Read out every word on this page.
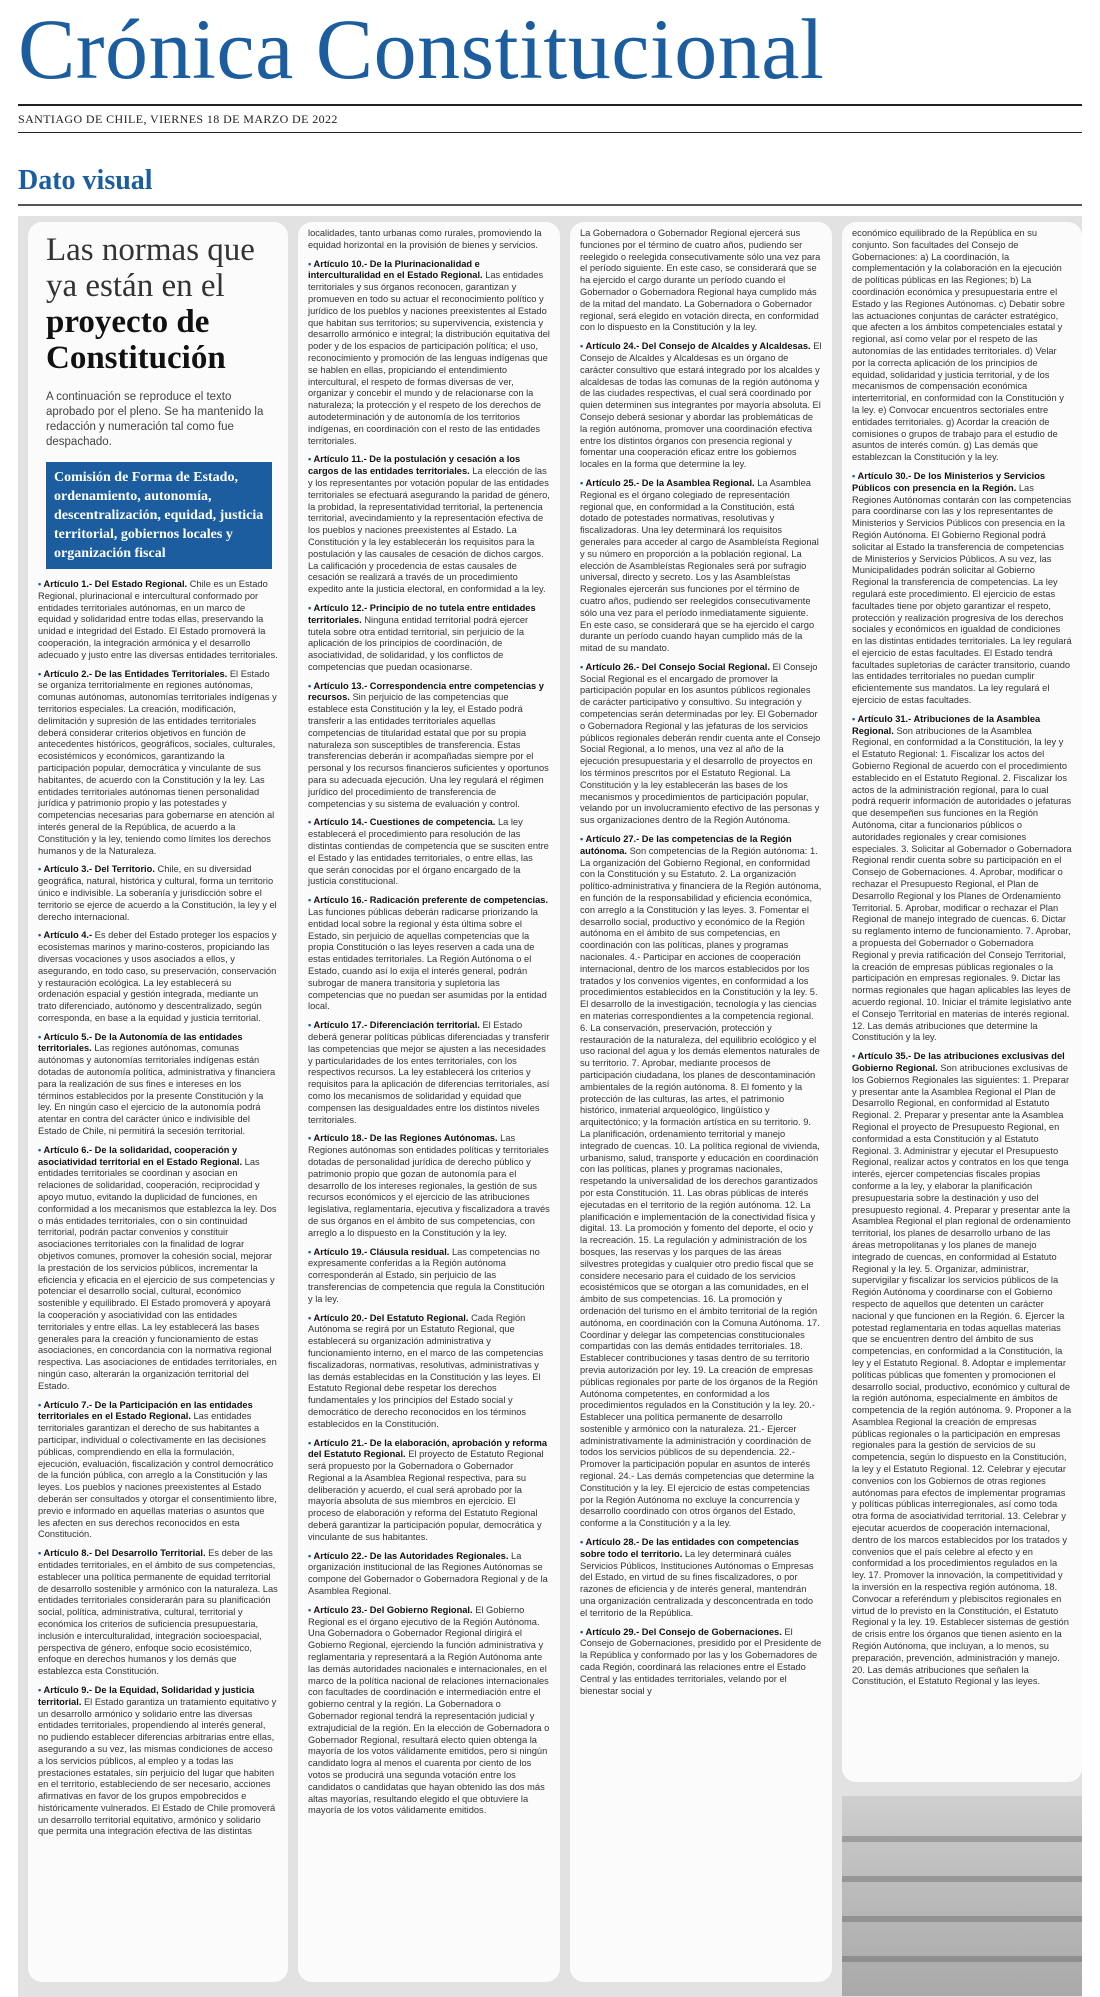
Crónica Constitucional
SANTIAGO DE CHILE, VIERNES 18 DE MARZO DE 2022
Dato visual
Las normas que ya están en el proyecto de Constitución

A continuación se reproduce el texto aprobado por el pleno. Se ha mantenido la redacción y numeración tal como fue despachado.

Comisión de Forma de Estado, ordenamiento, autonomía, descentralización, equidad, justicia territorial, gobiernos locales y organización fiscal

• Artículo 1.- Del Estado Regional. Chile es un Estado Regional, plurinacional e intercultural conformado por entidades territoriales autónomas, en un marco de equidad y solidaridad entre todas ellas, preservando la unidad e integridad del Estado. El Estado promoverá la cooperación, la integración armónica y el desarrollo adecuado y justo entre las diversas entidades territoriales.

• Artículo 2.- De las Entidades Territoriales. El Estado se organiza territorialmente en regiones autónomas, comunas autónomas, autonomías territoriales indígenas y territorios especiales. La creación, modificación, delimitación y supresión de las entidades territoriales deberá considerar criterios objetivos en función de antecedentes históricos, geográficos, sociales, culturales, ecosistémicos y económicos, garantizando la participación popular, democrática y vinculante de sus habitantes, de acuerdo con la Constitución y la ley. Las entidades territoriales autónomas tienen personalidad jurídica y patrimonio propio y las potestades y competencias necesarias para gobernarse en atención al interés general de la República, de acuerdo a la Constitución y la ley, teniendo como límites los derechos humanos y de la Naturaleza.

• Artículo 3.- Del Territorio. Chile, en su diversidad geográfica, natural, histórica y cultural, forma un territorio único e indivisible. La soberanía y jurisdicción sobre el territorio se ejerce de acuerdo a la Constitución, la ley y el derecho internacional.

• Artículo 4.- Es deber del Estado proteger los espacios y ecosistemas marinos y marino-costeros, propiciando las diversas vocaciones y usos asociados a ellos, y asegurando, en todo caso, su preservación, conservación y restauración ecológica. La ley establecerá su ordenación espacial y gestión integrada, mediante un trato diferenciado, autónomo y descentralizado, según corresponda, en base a la equidad y justicia territorial.

• Artículo 5.- De la Autonomía de las entidades territoriales. Las regiones autónomas, comunas autónomas y autonomías territoriales indígenas están dotadas de autonomía política, administrativa y financiera para la realización de sus fines e intereses en los términos establecidos por la presente Constitución y la ley. En ningún caso el ejercicio de la autonomía podrá atentar en contra del carácter único e indivisible del Estado de Chile, ni permitirá la secesión territorial.

• Artículo 6.- De la solidaridad, cooperación y asociatividad territorial en el Estado Regional. Las entidades territoriales se coordinan y asocian en relaciones de solidaridad, cooperación, reciprocidad y apoyo mutuo, evitando la duplicidad de funciones, en conformidad a los mecanismos que establezca la ley. Dos o más entidades territoriales, con o sin continuidad territorial, podrán pactar convenios y constituir asociaciones territoriales con la finalidad de lograr objetivos comunes, promover la cohesión social, mejorar la prestación de los servicios públicos, incrementar la eficiencia y eficacia en el ejercicio de sus competencias y potenciar el desarrollo social, cultural, económico sostenible y equilibrado. El Estado promoverá y apoyará la cooperación y asociatividad con las entidades territoriales y entre ellas. La ley establecerá las bases generales para la creación y funcionamiento de estas asociaciones, en concordancia con la normativa regional respectiva. Las asociaciones de entidades territoriales, en ningún caso, alterarán la organización territorial del Estado.

• Artículo 7.- De la Participación en las entidades territoriales en el Estado Regional. Las entidades territoriales garantizan el derecho de sus habitantes a participar, individual o colectivamente en las decisiones públicas, comprendiendo en ella la formulación, ejecución, evaluación, fiscalización y control democrático de la función pública, con arreglo a la Constitución y las leyes. Los pueblos y naciones preexistentes al Estado deberán ser consultados y otorgar el consentimiento libre, previo e informado en aquellas materias o asuntos que les afecten en sus derechos reconocidos en esta Constitución.

• Artículo 8.- Del Desarrollo Territorial. Es deber de las entidades territoriales, en el ámbito de sus competencias, establecer una política permanente de equidad territorial de desarrollo sostenible y armónico con la naturaleza. Las entidades territoriales considerarán para su planificación social, política, administrativa, cultural, territorial y económica los criterios de suficiencia presupuestaria, inclusión e interculturalidad, integración socioespacial, perspectiva de género, enfoque socio ecosistémico, enfoque en derechos humanos y los demás que establezca esta Constitución.

• Artículo 9.- De la Equidad, Solidaridad y justicia territorial. El Estado garantiza un tratamiento equitativo y un desarrollo armónico y solidario entre las diversas entidades territoriales, propendiendo al interés general, no pudiendo establecer diferencias arbitrarias entre ellas, asegurando a su vez, las mismas condiciones de acceso a los servicios públicos, al empleo y a todas las prestaciones estatales, sin perjuicio del lugar que habiten en el territorio, estableciendo de ser necesario, acciones afirmativas en favor de los grupos empobrecidos e históricamente vulnerados. El Estado de Chile promoverá un desarrollo territorial equitativo, armónico y solidario que permita una integración efectiva de las distintas

localidades, tanto urbanas como rurales, promoviendo la equidad horizontal en la provisión de bienes y servicios.

• Artículo 10.- De la Plurinacionalidad e interculturalidad en el Estado Regional. Las entidades territoriales y sus órganos reconocen, garantizan y promueven en todo su actuar el reconocimiento político y jurídico de los pueblos y naciones preexistentes al Estado que habitan sus territorios; su supervivencia, existencia y desarrollo armónico e integral; la distribución equitativa del poder y de los espacios de participación política; el uso, reconocimiento y promoción de las lenguas indígenas que se hablen en ellas, propiciando el entendimiento intercultural, el respeto de formas diversas de ver, organizar y concebir el mundo y de relacionarse con la naturaleza; la protección y el respeto de los derechos de autodeterminación y de autonomía de los territorios indígenas, en coordinación con el resto de las entidades territoriales.

• Artículo 11.- De la postulación y cesación a los cargos de las entidades territoriales. La elección de las y los representantes por votación popular de las entidades territoriales se efectuará asegurando la paridad de género, la probidad, la representatividad territorial, la pertenencia territorial, avecindamiento y la representación efectiva de los pueblos y naciones preexistentes al Estado. La Constitución y la ley establecerán los requisitos para la postulación y las causales de cesación de dichos cargos. La calificación y procedencia de estas causales de cesación se realizará a través de un procedimiento expedito ante la justicia electoral, en conformidad a la ley.

• Artículo 12.- Principio de no tutela entre entidades territoriales. Ninguna entidad territorial podrá ejercer tutela sobre otra entidad territorial, sin perjuicio de la aplicación de los principios de coordinación, de asociatividad, de solidaridad, y los conflictos de competencias que puedan ocasionarse.

• Artículo 13.- Correspondencia entre competencias y recursos. Sin perjuicio de las competencias que establece esta Constitución y la ley, el Estado podrá transferir a las entidades territoriales aquellas competencias de titularidad estatal que por su propia naturaleza son susceptibles de transferencia. Estas transferencias deberán ir acompañadas siempre por el personal y los recursos financieros suficientes y oportunos para su adecuada ejecución. Una ley regulará el régimen jurídico del procedimiento de transferencia de competencias y su sistema de evaluación y control.

• Artículo 14.- Cuestiones de competencia. La ley establecerá el procedimiento para resolución de las distintas contiendas de competencia que se susciten entre el Estado y las entidades territoriales, o entre ellas, las que serán conocidas por el órgano encargado de la justicia constitucional.

• Artículo 16.- Radicación preferente de competencias. Las funciones públicas deberán radicarse priorizando la entidad local sobre la regional y ésta última sobre el Estado, sin perjuicio de aquellas competencias que la propia Constitución o las leyes reserven a cada una de estas entidades territoriales. La Región Autónoma o el Estado, cuando así lo exija el interés general, podrán subrogar de manera transitoria y supletoria las competencias que no puedan ser asumidas por la entidad local.

• Artículo 17.- Diferenciación territorial. El Estado deberá generar políticas públicas diferenciadas y transferir las competencias que mejor se ajusten a las necesidades y particularidades de los entes territoriales, con los respectivos recursos. La ley establecerá los criterios y requisitos para la aplicación de diferencias territoriales, así como los mecanismos de solidaridad y equidad que compensen las desigualdades entre los distintos niveles territoriales.

• Artículo 18.- De las Regiones Autónomas. Las Regiones autónomas son entidades políticas y territoriales dotadas de personalidad jurídica de derecho público y patrimonio propio que gozan de autonomía para el desarrollo de los intereses regionales, la gestión de sus recursos económicos y el ejercicio de las atribuciones legislativa, reglamentaria, ejecutiva y fiscalizadora a través de sus órganos en el ámbito de sus competencias, con arreglo a lo dispuesto en la Constitución y la ley.

• Artículo 19.- Cláusula residual. Las competencias no expresamente conferidas a la Región autónoma corresponderán al Estado, sin perjuicio de las transferencias de competencia que regula la Constitución y la ley.

• Artículo 20.- Del Estatuto Regional. Cada Región Autónoma se regirá por un Estatuto Regional, que establecerá su organización administrativa y funcionamiento interno, en el marco de las competencias fiscalizadoras, normativas, resolutivas, administrativas y las demás establecidas en la Constitución y las leyes. El Estatuto Regional debe respetar los derechos fundamentales y los principios del Estado social y democrático de derecho reconocidos en los términos establecidos en la Constitución.

• Artículo 21.- De la elaboración, aprobación y reforma del Estatuto Regional. El proyecto de Estatuto Regional será propuesto por la Gobernadora o Gobernador Regional a la Asamblea Regional respectiva, para su deliberación y acuerdo, el cual será aprobado por la mayoría absoluta de sus miembros en ejercicio. El proceso de elaboración y reforma del Estatuto Regional deberá garantizar la participación popular, democrática y vinculante de sus habitantes.

• Artículo 22.- De las Autoridades Regionales. La organización institucional de las Regiones Autónomas se compone del Gobernador o Gobernadora Regional y de la Asamblea Regional.

• Artículo 23.- Del Gobierno Regional. El Gobierno Regional es el órgano ejecutivo de la Región Autónoma. Una Gobernadora o Gobernador Regional dirigirá el Gobierno Regional, ejerciendo la función administrativa y reglamentaria y representará a la Región Autónoma ante las demás autoridades nacionales e internacionales, en el marco de la política nacional de relaciones internacionales con facultades de coordinación e intermediación entre el gobierno central y la región. La Gobernadora o Gobernador regional tendrá la representación judicial y extrajudicial de la región. En la elección de Gobernadora o Gobernador Regional, resultará electo quien obtenga la mayoría de los votos válidamente emitidos, pero si ningún candidato logra al menos el cuarenta por ciento de los votos se producirá una segunda votación entre los candidatos o candidatas que hayan obtenido las dos más altas mayorías, resultando elegido el que obtuviere la mayoría de los votos válidamente emitidos.

La Gobernadora o Gobernador Regional ejercerá sus funciones por el término de cuatro años, pudiendo ser reelegido o reelegida consecutivamente sólo una vez para el período siguiente. En este caso, se considerará que se ha ejercido el cargo durante un período cuando el Gobernador o Gobernadora Regional haya cumplido más de la mitad del mandato. La Gobernadora o Gobernador regional, será elegido en votación directa, en conformidad con lo dispuesto en la Constitución y la ley.

• Artículo 24.- Del Consejo de Alcaldes y Alcaldesas. El Consejo de Alcaldes y Alcaldesas es un órgano de carácter consultivo que estará integrado por los alcaldes y alcaldesas de todas las comunas de la región autónoma y de las ciudades respectivas, el cual será coordinado por quien determinen sus integrantes por mayoría absoluta. El Consejo deberá sesionar y abordar las problemáticas de la región autónoma, promover una coordinación efectiva entre los distintos órganos con presencia regional y fomentar una cooperación eficaz entre los gobiernos locales en la forma que determine la ley.

• Artículo 25.- De la Asamblea Regional. La Asamblea Regional es el órgano colegiado de representación regional que, en conformidad a la Constitución, está dotado de potestades normativas, resolutivas y fiscalizadoras. Una ley determinará los requisitos generales para acceder al cargo de Asambleísta Regional y su número en proporción a la población regional. La elección de Asambleístas Regionales será por sufragio universal, directo y secreto. Los y las Asambleístas Regionales ejercerán sus funciones por el término de cuatro años, pudiendo ser reelegidos consecutivamente sólo una vez para el período inmediatamente siguiente. En este caso, se considerará que se ha ejercido el cargo durante un período cuando hayan cumplido más de la mitad de su mandato.

• Artículo 26.- Del Consejo Social Regional. El Consejo Social Regional es el encargado de promover la participación popular en los asuntos públicos regionales de carácter participativo y consultivo. Su integración y competencias serán determinadas por ley. El Gobernador o Gobernadora Regional y las jefaturas de los servicios públicos regionales deberán rendir cuenta ante el Consejo Social Regional, a lo menos, una vez al año de la ejecución presupuestaria y el desarrollo de proyectos en los términos prescritos por el Estatuto Regional. La Constitución y la ley establecerán las bases de los mecanismos y procedimientos de participación popular, velando por un involucramiento efectivo de las personas y sus organizaciones dentro de la Región Autónoma.

• Artículo 27.- De las competencias de la Región autónoma. Son competencias de la Región autónoma: 1. La organización del Gobierno Regional, en conformidad con la Constitución y su Estatuto. 2. La organización político-administrativa y financiera de la Región autónoma, en función de la responsabilidad y eficiencia económica, con arreglo a la Constitución y las leyes. 3. Fomentar el desarrollo social, productivo y económico de la Región autónoma en el ámbito de sus competencias, en coordinación con las políticas, planes y programas nacionales. 4.- Participar en acciones de cooperación internacional, dentro de los marcos establecidos por los tratados y los convenios vigentes, en conformidad a los procedimientos establecidos en la Constitución y la ley. 5. El desarrollo de la investigación, tecnología y las ciencias en materias correspondientes a la competencia regional. 6. La conservación, preservación, protección y restauración de la naturaleza, del equilibrio ecológico y el uso racional del agua y los demás elementos naturales de su territorio. 7. Aprobar, mediante procesos de participación ciudadana, los planes de descontaminación ambientales de la región autónoma. 8. El fomento y la protección de las culturas, las artes, el patrimonio histórico, inmaterial arqueológico, lingüístico y arquitectónico; y la formación artística en su territorio. 9. La planificación, ordenamiento territorial y manejo integrado de cuencas. 10. La política regional de vivienda, urbanismo, salud, transporte y educación en coordinación con las políticas, planes y programas nacionales, respetando la universalidad de los derechos garantizados por esta Constitución. 11. Las obras públicas de interés ejecutadas en el territorio de la región autónoma. 12. La planificación e implementación de la conectividad física y digital. 13. La promoción y fomento del deporte, el ocio y la recreación. 15. La regulación y administración de los bosques, las reservas y los parques de las áreas silvestres protegidas y cualquier otro predio fiscal que se considere necesario para el cuidado de los servicios ecosistémicos que se otorgan a las comunidades, en el ámbito de sus competencias. 16. La promoción y ordenación del turismo en el ámbito territorial de la región autónoma, en coordinación con la Comuna Autónoma. 17. Coordinar y delegar las competencias constitucionales compartidas con las demás entidades territoriales. 18. Establecer contribuciones y tasas dentro de su territorio previa autorización por ley. 19. La creación de empresas públicas regionales por parte de los órganos de la Región Autónoma competentes, en conformidad a los procedimientos regulados en la Constitución y la ley. 20.- Establecer una política permanente de desarrollo sostenible y armónico con la naturaleza. 21.- Ejercer administrativamente la administración y coordinación de todos los servicios públicos de su dependencia. 22.- Promover la participación popular en asuntos de interés regional. 24.- Las demás competencias que determine la Constitución y la ley. El ejercicio de estas competencias por la Región Autónoma no excluye la concurrencia y desarrollo coordinado con otros órganos del Estado, conforme a la Constitución y a la ley.

• Artículo 28.- De las entidades con competencias sobre todo el territorio. La ley determinará cuáles Servicios Públicos, Instituciones Autónomas o Empresas del Estado, en virtud de su fines fiscalizadores, o por razones de eficiencia y de interés general, mantendrán una organización centralizada y desconcentrada en todo el territorio de la República.

• Artículo 29.- Del Consejo de Gobernaciones. El Consejo de Gobernaciones, presidido por el Presidente de la República y conformado por las y los Gobernadores de cada Región, coordinará las relaciones entre el Estado Central y las entidades territoriales, velando por el bienestar social y

económico equilibrado de la República en su conjunto. Son facultades del Consejo de Gobernaciones: a) La coordinación, la complementación y la colaboración en la ejecución de políticas públicas en las Regiones; b) La coordinación económica y presupuestaria entre el Estado y las Regiones Autónomas. c) Debatir sobre las actuaciones conjuntas de carácter estratégico, que afecten a los ámbitos competenciales estatal y regional, así como velar por el respeto de las autonomías de las entidades territoriales. d) Velar por la correcta aplicación de los principios de equidad, solidaridad y justicia territorial, y de los mecanismos de compensación económica interterritorial, en conformidad con la Constitución y la ley. e) Convocar encuentros sectoriales entre entidades territoriales. g) Acordar la creación de comisiones o grupos de trabajo para el estudio de asuntos de interés común. g) Las demás que establezcan la Constitución y la ley.

• Artículo 30.- De los Ministerios y Servicios Públicos con presencia en la Región. Las Regiones Autónomas contarán con las competencias para coordinarse con las y los representantes de Ministerios y Servicios Públicos con presencia en la Región Autónoma. El Gobierno Regional podrá solicitar al Estado la transferencia de competencias de Ministerios y Servicios Públicos. A su vez, las Municipalidades podrán solicitar al Gobierno Regional la transferencia de competencias. La ley regulará este procedimiento. El ejercicio de estas facultades tiene por objeto garantizar el respeto, protección y realización progresiva de los derechos sociales y económicos en igualdad de condiciones en las distintas entidades territoriales. La ley regulará el ejercicio de estas facultades. El Estado tendrá facultades supletorias de carácter transitorio, cuando las entidades territoriales no puedan cumplir eficientemente sus mandatos. La ley regulará el ejercicio de estas facultades.

• Artículo 31.- Atribuciones de la Asamblea Regional. Son atribuciones de la Asamblea Regional, en conformidad a la Constitución, la ley y el Estatuto Regional: 1. Fiscalizar los actos del Gobierno Regional de acuerdo con el procedimiento establecido en el Estatuto Regional. 2. Fiscalizar los actos de la administración regional, para lo cual podrá requerir información de autoridades o jefaturas que desempeñen sus funciones en la Región Autónoma, citar a funcionarios públicos o autoridades regionales y crear comisiones especiales. 3. Solicitar al Gobernador o Gobernadora Regional rendir cuenta sobre su participación en el Consejo de Gobernaciones. 4. Aprobar, modificar o rechazar el Presupuesto Regional, el Plan de Desarrollo Regional y los Planes de Ordenamiento Territorial. 5. Aprobar, modificar o rechazar el Plan Regional de manejo integrado de cuencas. 6. Dictar su reglamento interno de funcionamiento. 7. Aprobar, a propuesta del Gobernador o Gobernadora Regional y previa ratificación del Consejo Territorial, la creación de empresas públicas regionales o la participación en empresas regionales. 9. Dictar las normas regionales que hagan aplicables las leyes de acuerdo regional. 10. Iniciar el trámite legislativo ante el Consejo Territorial en materias de interés regional. 12. Las demás atribuciones que determine la Constitución y la ley.

• Artículo 35.- De las atribuciones exclusivas del Gobierno Regional. Son atribuciones exclusivas de los Gobiernos Regionales las siguientes: 1. Preparar y presentar ante la Asamblea Regional el Plan de Desarrollo Regional, en conformidad al Estatuto Regional. 2. Preparar y presentar ante la Asamblea Regional el proyecto de Presupuesto Regional, en conformidad a esta Constitución y al Estatuto Regional. 3. Administrar y ejecutar el Presupuesto Regional, realizar actos y contratos en los que tenga interés, ejercer competencias fiscales propias conforme a la ley, y elaborar la planificación presupuestaria sobre la destinación y uso del presupuesto regional. 4. Preparar y presentar ante la Asamblea Regional el plan regional de ordenamiento territorial, los planes de desarrollo urbano de las áreas metropolitanas y los planes de manejo integrado de cuencas, en conformidad al Estatuto Regional y la ley. 5. Organizar, administrar, supervigilar y fiscalizar los servicios públicos de la Región Autónoma y coordinarse con el Gobierno respecto de aquellos que detenten un carácter nacional y que funcionen en la Región. 6. Ejercer la potestad reglamentaria en todas aquellas materias que se encuentren dentro del ámbito de sus competencias, en conformidad a la Constitución, la ley y el Estatuto Regional. 8. Adoptar e implementar políticas públicas que fomenten y promocionen el desarrollo social, productivo, económico y cultural de la región autónoma, especialmente en ámbitos de competencia de la región autónoma. 9. Proponer a la Asamblea Regional la creación de empresas públicas regionales o la participación en empresas regionales para la gestión de servicios de su competencia, según lo dispuesto en la Constitución, la ley y el Estatuto Regional. 12. Celebrar y ejecutar convenios con los Gobiernos de otras regiones autónomas para efectos de implementar programas y políticas públicas interregionales, así como toda otra forma de asociatividad territorial. 13. Celebrar y ejecutar acuerdos de cooperación internacional, dentro de los marcos establecidos por los tratados y convenios que el país celebre al efecto y en conformidad a los procedimientos regulados en la ley. 17. Promover la innovación, la competitividad y la inversión en la respectiva región autónoma. 18. Convocar a referéndum y plebiscitos regionales en virtud de lo previsto en la Constitución, el Estatuto Regional y la ley. 19. Establecer sistemas de gestión de crisis entre los órganos que tienen asiento en la Región Autónoma, que incluyan, a lo menos, su preparación, prevención, administración y manejo. 20. Las demás atribuciones que señalen la Constitución, el Estatuto Regional y las leyes.
